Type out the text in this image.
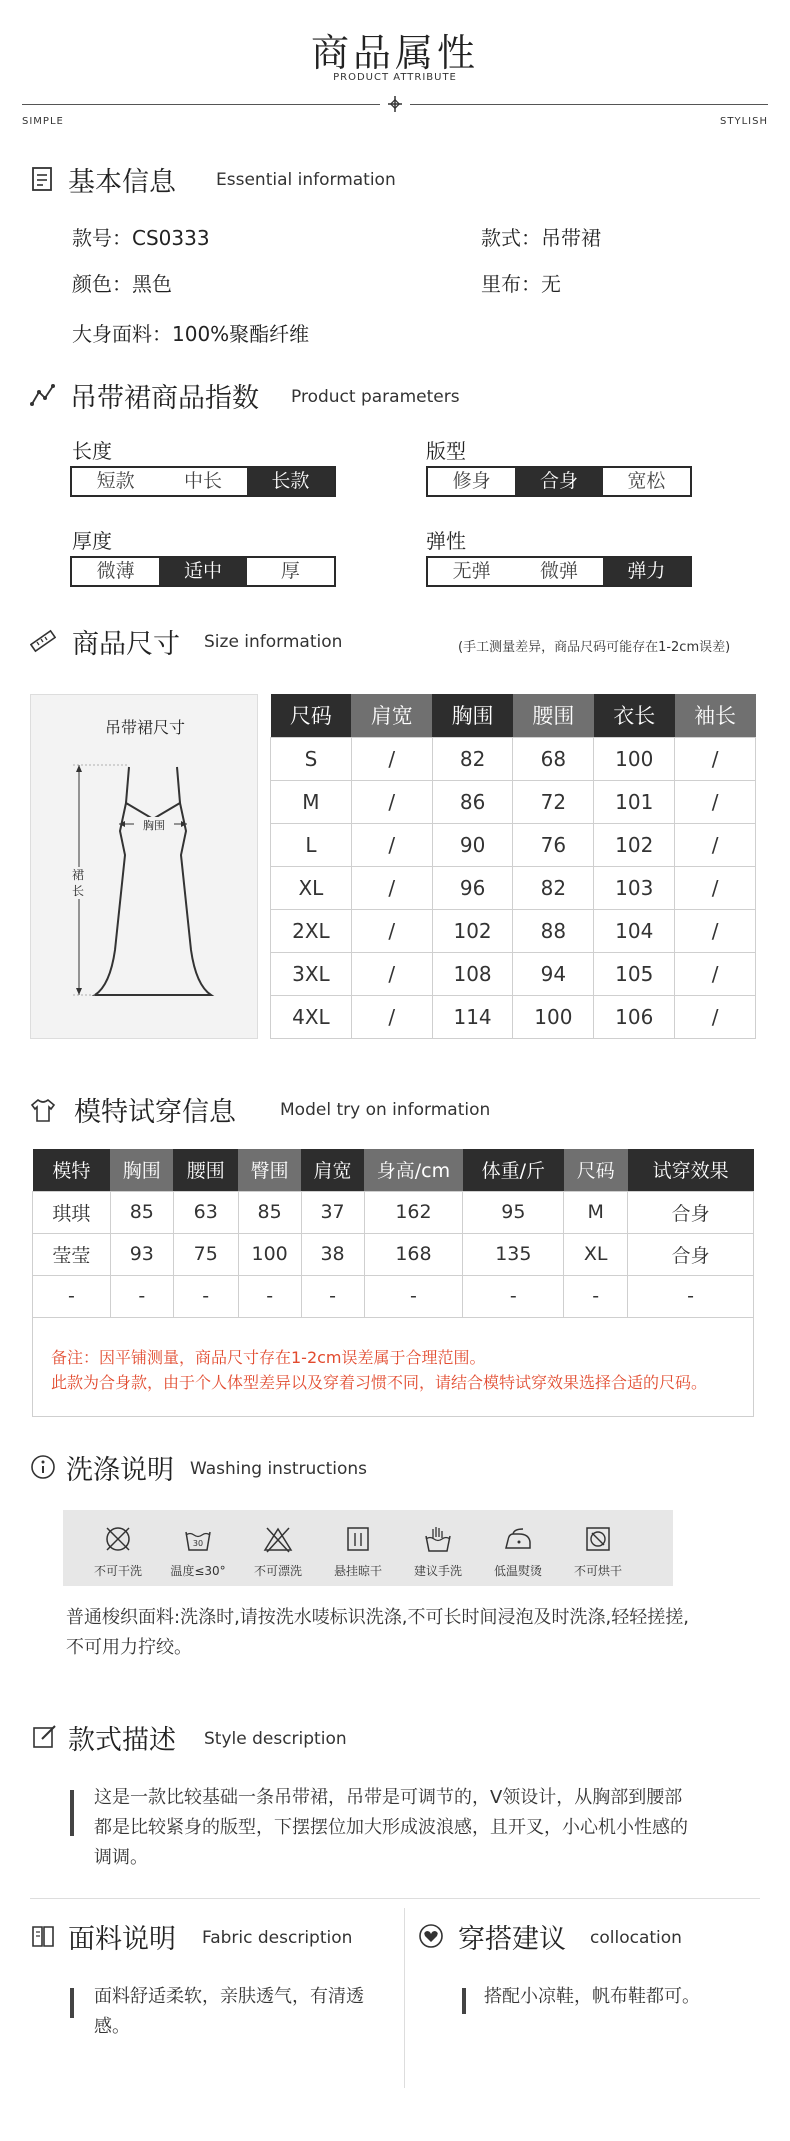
商品属性
PRODUCT ATTRIBUTE
SIMPLE	STYLISH
基本信息 Essential information
款号：CS0333	款式：吊带裙
颜色：黑色	里布：无
大身面料：100%聚酯纤维
吊带裙商品指数 Product parameters
长度
短款	中长	长款
版型
修身	合身	宽松
厚度
微薄	适中	厚
弹性
无弹	微弹	弹力
商品尺寸 Size information	(手工测量差异，商品尺码可能存在1-2cm误差)
吊带裙尺寸
胸围
裙长
尺码	肩宽	胸围	腰围	衣长	袖长
S	/	82	68	100	/
M	/	86	72	101	/
L	/	90	76	102	/
XL	/	96	82	103	/
2XL	/	102	88	104	/
3XL	/	108	94	105	/
4XL	/	114	100	106	/
模特试穿信息	Model try on information
模特	胸围	腰围	臀围	肩宽	身高/cm	体重/斤	尺码	试穿效果
琪琪	85	63	85	37	162	95	M	合身
莹莹	93	75	100	38	168	135	XL	合身
-	-	-	-	-	-	-	-	-
备注：因平铺测量，商品尺寸存在1-2cm误差属于合理范围。
此款为合身款，由于个人体型差异以及穿着习惯不同，请结合模特试穿效果选择合适的尺码。
洗涤说明 Washing instructions
不可干洗
30
温度≤30°	不可漂洗	悬挂晾干	建议手洗	低温熨烫	不可烘干
普通梭织面料:洗涤时,请按洗水唛标识洗涤,不可长时间浸泡及时洗涤,轻轻搓搓,
不可用力拧绞。
款式描述 Style description
这是一款比较基础一条吊带裙，吊带是可调节的，V领设计，从胸部到腰部
都是比较紧身的版型，下摆摆位加大形成波浪感，且开叉，小心机小性感的
调调。
面料说明 Fabric description
面料舒适柔软，亲肤透气，有清透
感。
穿搭建议 collocation
搭配小凉鞋，帆布鞋都可。
